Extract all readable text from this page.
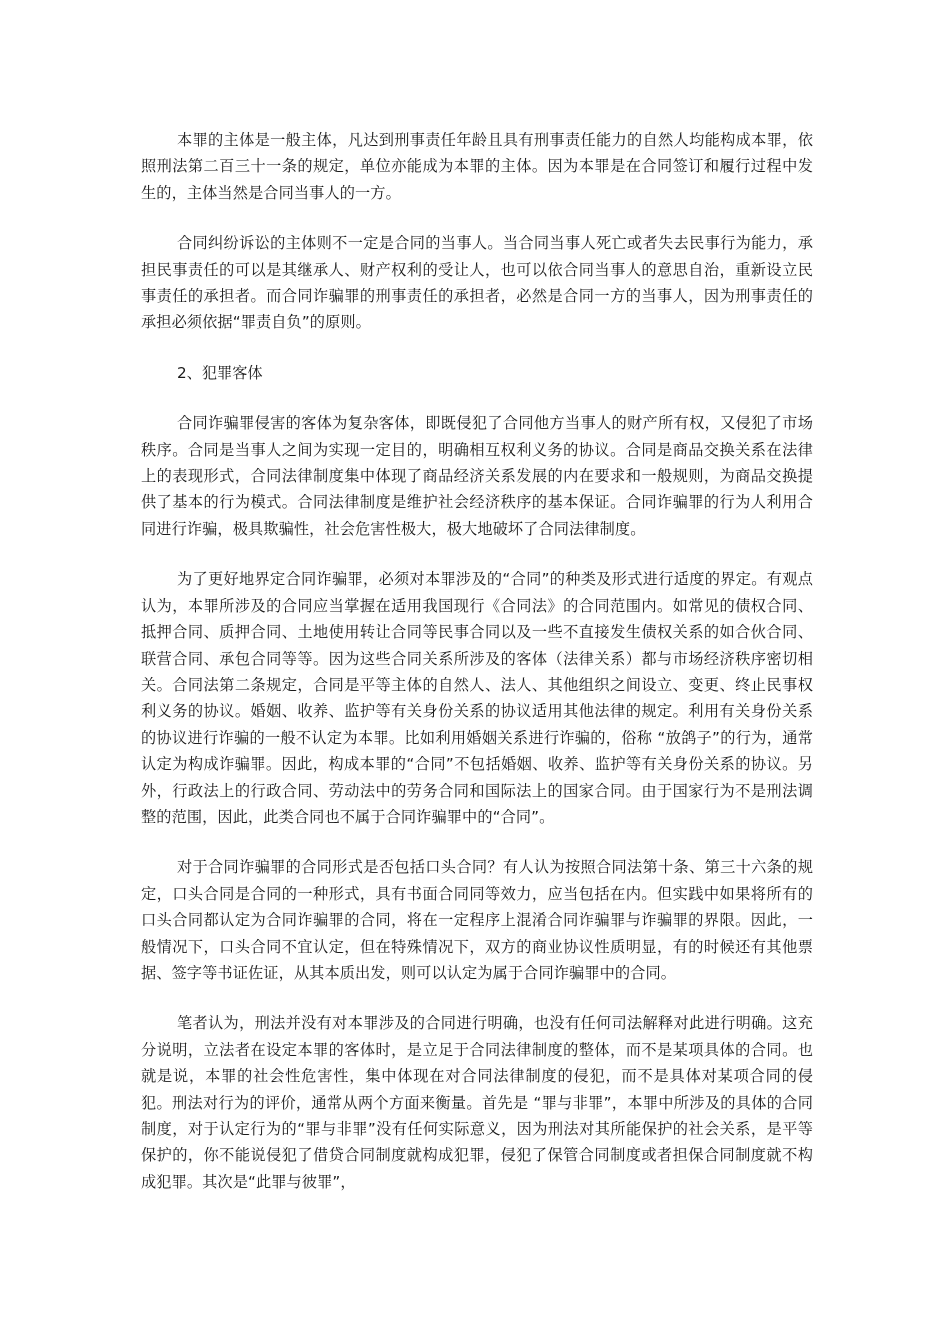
本罪的主体是一般主体，凡达到刑事责任年龄且具有刑事责任能力的自然人均能构成本罪，依照刑法第二百三十一条的规定，单位亦能成为本罪的主体。因为本罪是在合同签订和履行过程中发生的，主体当然是合同当事人的一方。

合同纠纷诉讼的主体则不一定是合同的当事人。当合同当事人死亡或者失去民事行为能力，承担民事责任的可以是其继承人、财产权利的受让人，也可以依合同当事人的意思自治，重新设立民事责任的承担者。而合同诈骗罪的刑事责任的承担者，必然是合同一方的当事人，因为刑事责任的承担必须依据“罪责自负”的原则。

2、犯罪客体

合同诈骗罪侵害的客体为复杂客体，即既侵犯了合同他方当事人的财产所有权，又侵犯了市场秩序。合同是当事人之间为实现一定目的，明确相互权利义务的协议。合同是商品交换关系在法律上的表现形式，合同法律制度集中体现了商品经济关系发展的内在要求和一般规则，为商品交换提供了基本的行为模式。合同法律制度是维护社会经济秩序的基本保证。合同诈骗罪的行为人利用合同进行诈骗，极具欺骗性，社会危害性极大，极大地破坏了合同法律制度。

为了更好地界定合同诈骗罪，必须对本罪涉及的“合同”的种类及形式进行适度的界定。有观点认为，本罪所涉及的合同应当掌握在适用我国现行《合同法》的合同范围内。如常见的债权合同、抵押合同、质押合同、土地使用转让合同等民事合同以及一些不直接发生债权关系的如合伙合同、联营合同、承包合同等等。因为这些合同关系所涉及的客体（法律关系）都与市场经济秩序密切相关。合同法第二条规定，合同是平等主体的自然人、法人、其他组织之间设立、变更、终止民事权利义务的协议。婚姻、收养、监护等有关身份关系的协议适用其他法律的规定。利用有关身份关系的协议进行诈骗的一般不认定为本罪。比如利用婚姻关系进行诈骗的，俗称 “放鸽子”的行为，通常认定为构成诈骗罪。因此，构成本罪的“合同”不包括婚姻、收养、监护等有关身份关系的协议。另外，行政法上的行政合同、劳动法中的劳务合同和国际法上的国家合同。由于国家行为不是刑法调整的范围，因此，此类合同也不属于合同诈骗罪中的“合同”。

对于合同诈骗罪的合同形式是否包括口头合同？有人认为按照合同法第十条、第三十六条的规定，口头合同是合同的一种形式，具有书面合同同等效力，应当包括在内。但实践中如果将所有的口头合同都认定为合同诈骗罪的合同，将在一定程序上混淆合同诈骗罪与诈骗罪的界限。因此，一般情况下，口头合同不宜认定，但在特殊情况下，双方的商业协议性质明显，有的时候还有其他票据、签字等书证佐证，从其本质出发，则可以认定为属于合同诈骗罪中的合同。

笔者认为，刑法并没有对本罪涉及的合同进行明确，也没有任何司法解释对此进行明确。这充分说明，立法者在设定本罪的客体时，是立足于合同法律制度的整体，而不是某项具体的合同。也就是说，本罪的社会性危害性，集中体现在对合同法律制度的侵犯，而不是具体对某项合同的侵犯。刑法对行为的评价，通常从两个方面来衡量。首先是 “罪与非罪”，本罪中所涉及的具体的合同制度，对于认定行为的“罪与非罪”没有任何实际意义，因为刑法对其所能保护的社会关系，是平等保护的，你不能说侵犯了借贷合同制度就构成犯罪，侵犯了保管合同制度或者担保合同制度就不构成犯罪。其次是“此罪与彼罪”，
